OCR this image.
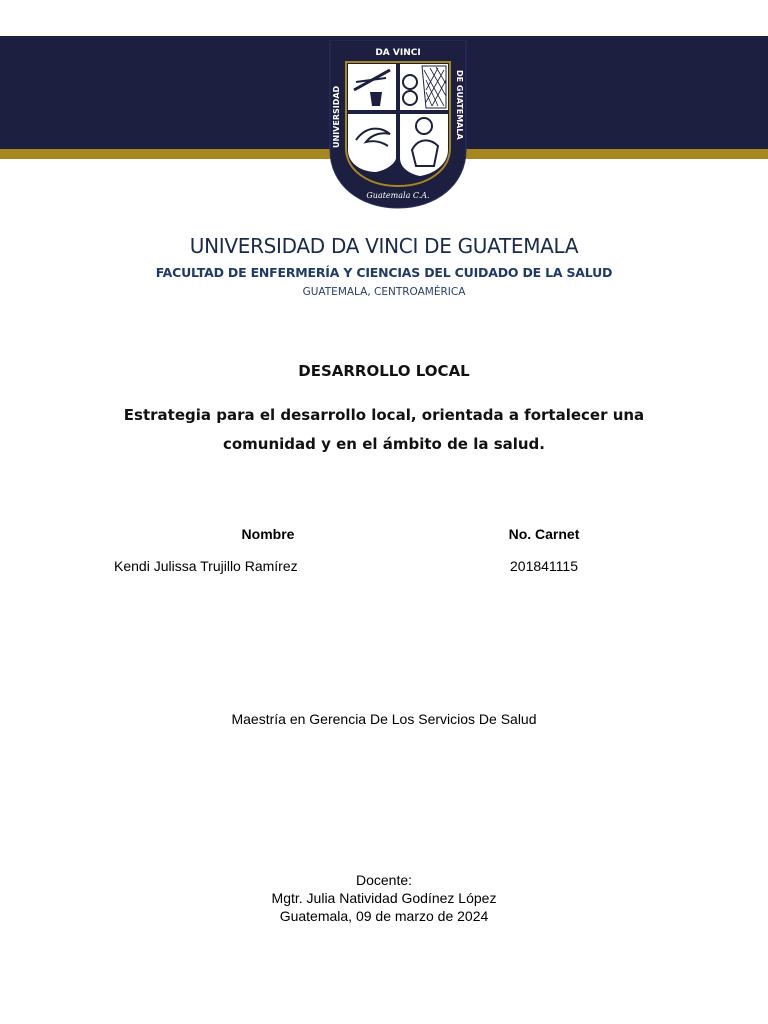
DA VINCI
UNIVERSIDAD	DE GUATEMALA
Guatemala C.A.
UNIVERSIDAD DA VINCI DE GUATEMALA
FACULTAD DE ENFERMERÍA Y CIENCIAS DEL CUIDADO DE LA SALUD
GUATEMALA, CENTROAMÉRICA
DESARROLLO LOCAL
Estrategia para el desarrollo local, orientada a fortalecer una comunidad y en el ámbito de la salud.
Nombre	No. Carnet
Kendi Julissa Trujillo Ramírez	201841115
Maestría en Gerencia De Los Servicios De Salud
Docente:
Mgtr. Julia Natividad Godínez López
Guatemala, 09 de marzo de 2024
